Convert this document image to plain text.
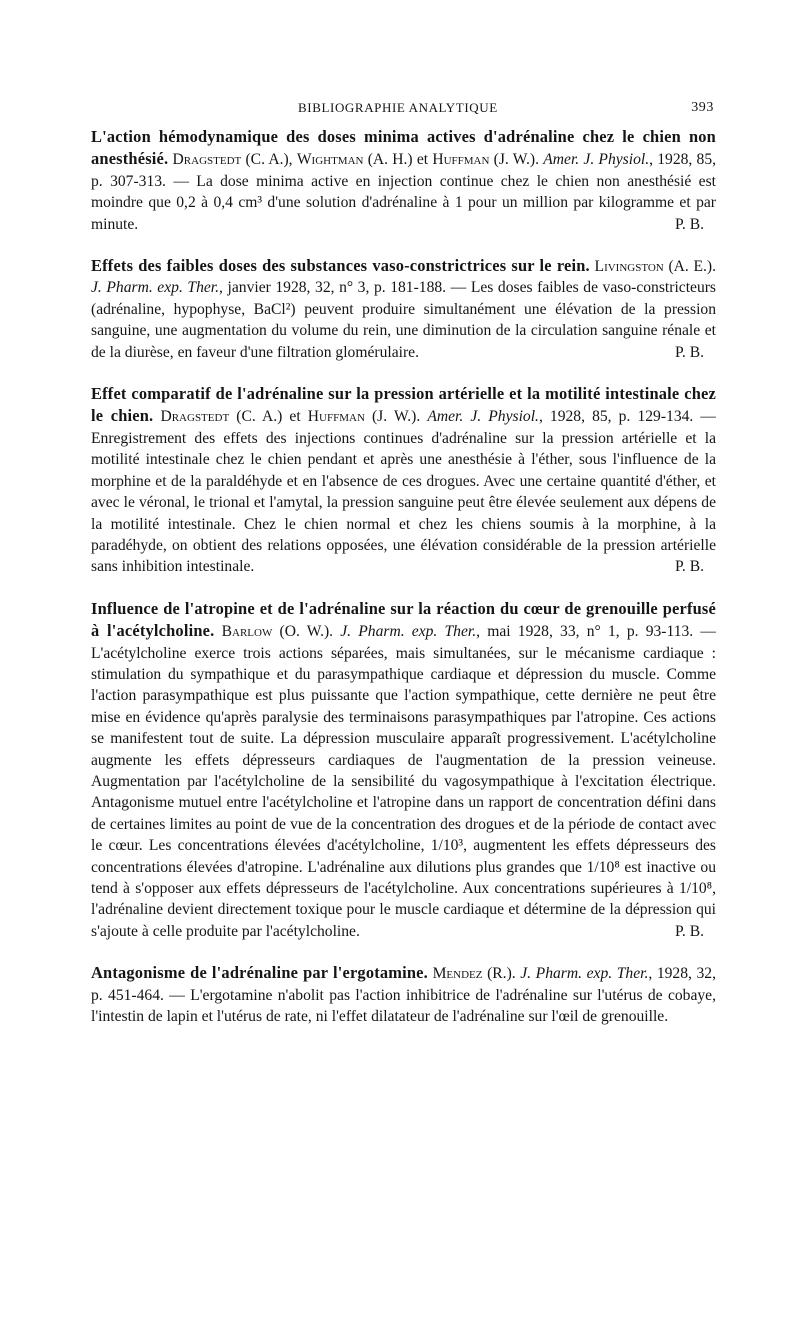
BIBLIOGRAPHIE ANALYTIQUE	393

L'action hémodynamique des doses minima actives d'adrénaline chez le chien non anesthésié. Dragstedt (C. A.), Wightman (A. H.) et Huffman (J. W.). Amer. J. Physiol., 1928, 85, p. 307-313. — La dose minima active en injection continue chez le chien non anesthésié est moindre que 0,2 à 0,4 cm³ d'une solution d'adrénaline à 1 pour un million par kilogramme et par minute.	P. B.

Effets des faibles doses des substances vaso-constrictrices sur le rein. Livingston (A. E.). J. Pharm. exp. Ther., janvier 1928, 32, n° 3, p. 181-188. — Les doses faibles de vaso-constricteurs (adrénaline, hypophyse, BaCl²) peuvent produire simultanément une élévation de la pression sanguine, une augmentation du volume du rein, une diminution de la circulation sanguine rénale et de la diurèse, en faveur d'une filtration glomérulaire.	P. B.

Effet comparatif de l'adrénaline sur la pression artérielle et la motilité intestinale chez le chien. Dragstedt (C. A.) et Huffman (J. W.). Amer. J. Physiol., 1928, 85, p. 129-134. — Enregistrement des effets des injections continues d'adrénaline sur la pression artérielle et la motilité intestinale chez le chien pendant et après une anesthésie à l'éther, sous l'influence de la morphine et de la paraldéhyde et en l'absence de ces drogues. Avec une certaine quantité d'éther, et avec le véronal, le trional et l'amytal, la pression sanguine peut être élevée seulement aux dépens de la motilité intestinale. Chez le chien normal et chez les chiens soumis à la morphine, à la paradéhyde, on obtient des relations opposées, une élévation considérable de la pression artérielle sans inhibition intestinale.	P. B.

Influence de l'atropine et de l'adrénaline sur la réaction du cœur de grenouille perfusé à l'acétylcholine. Barlow (O. W.). J. Pharm. exp. Ther., mai 1928, 33, n° 1, p. 93-113. — L'acétylcholine exerce trois actions séparées, mais simultanées, sur le mécanisme cardiaque : stimulation du sympathique et du parasympathique cardiaque et dépression du muscle. Comme l'action parasympathique est plus puissante que l'action sympathique, cette dernière ne peut être mise en évidence qu'après paralysie des terminaisons parasympathiques par l'atropine. Ces actions se manifestent tout de suite. La dépression musculaire apparaît progressivement. L'acétylcholine augmente les effets dépresseurs cardiaques de l'augmentation de la pression veineuse. Augmentation par l'acétylcholine de la sensibilité du vagosympathique à l'excitation électrique. Antagonisme mutuel entre l'acétylcholine et l'atropine dans un rapport de concentration défini dans de certaines limites au point de vue de la concentration des drogues et de la période de contact avec le cœur. Les concentrations élevées d'acétylcholine, 1/10³, augmentent les effets dépresseurs des concentrations élevées d'atropine. L'adrénaline aux dilutions plus grandes que 1/10⁸ est inactive ou tend à s'opposer aux effets dépresseurs de l'acétylcholine. Aux concentrations supérieures à 1/10⁸, l'adrénaline devient directement toxique pour le muscle cardiaque et détermine de la dépression qui s'ajoute à celle produite par l'acétylcholine.	P. B.

Antagonisme de l'adrénaline par l'ergotamine. Mendez (R.). J. Pharm. exp. Ther., 1928, 32, p. 451-464. — L'ergotamine n'abolit pas l'action inhibitrice de l'adrénaline sur l'utérus de cobaye, l'intestin de lapin et l'utérus de rate, ni l'effet dilatateur de l'adrénaline sur l'œil de grenouille.
